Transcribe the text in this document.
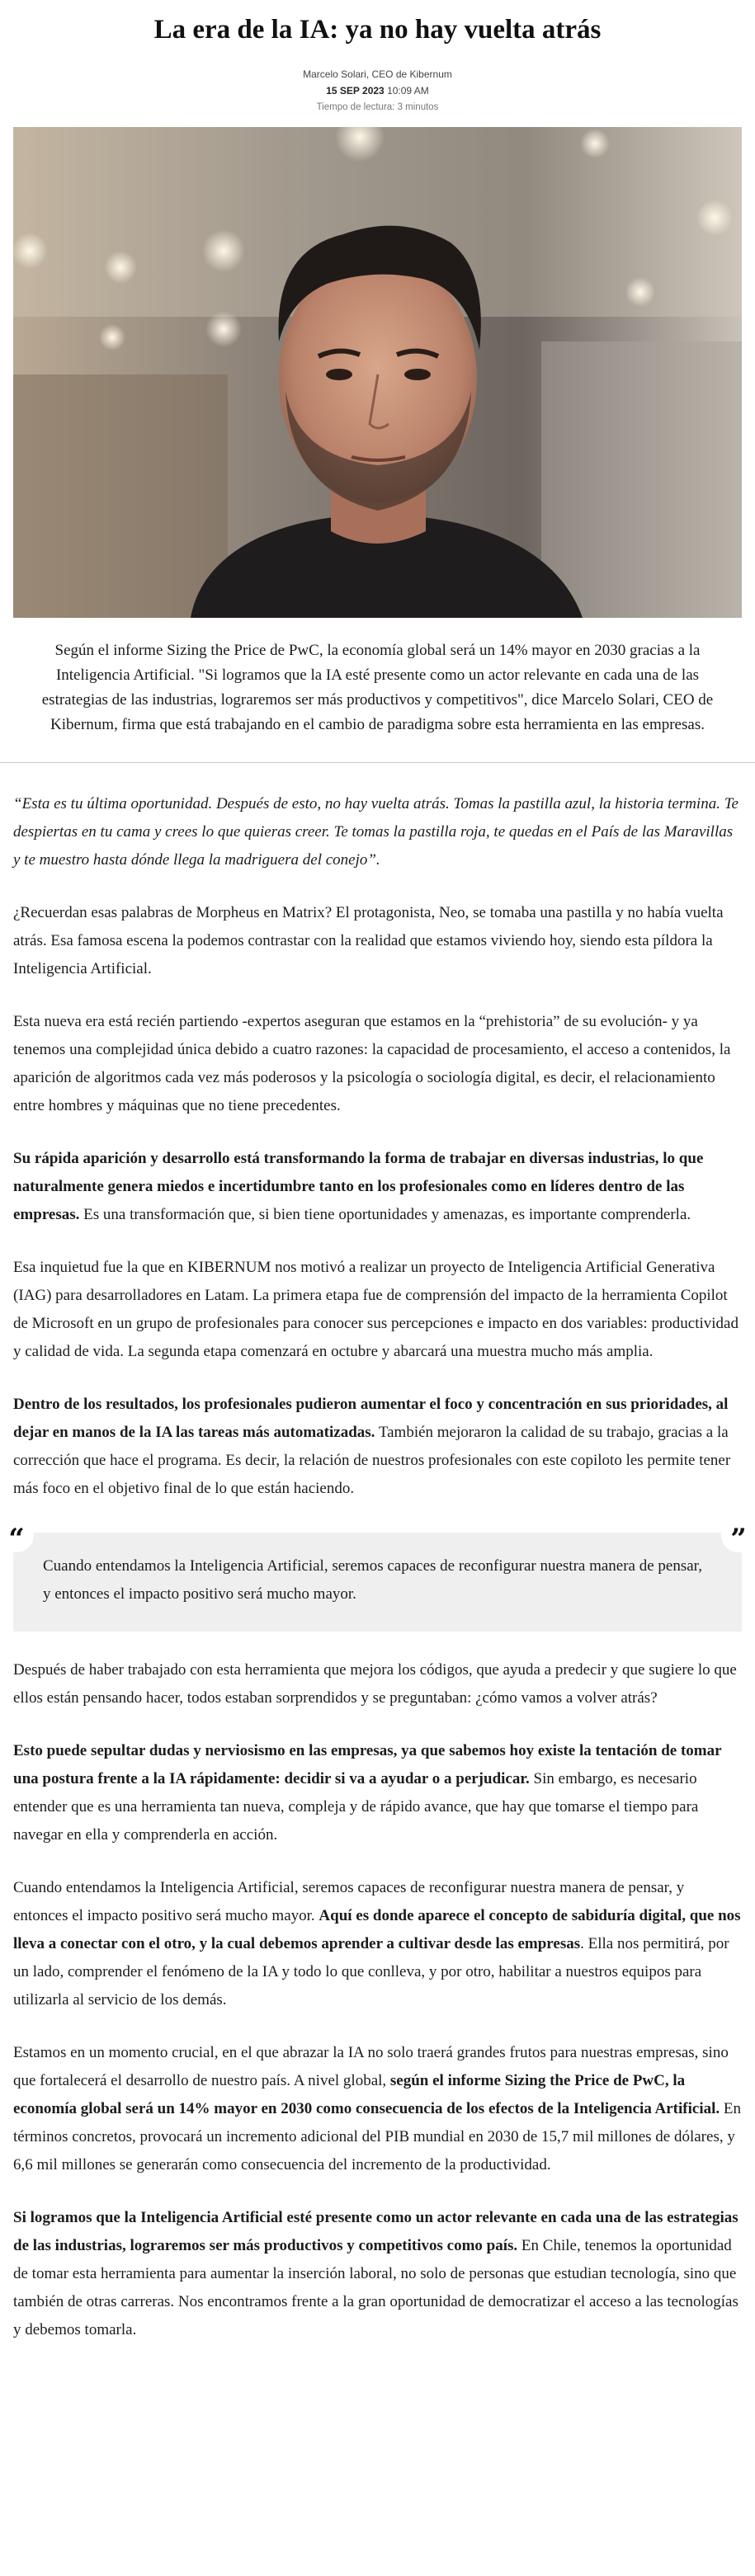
La era de la IA: ya no hay vuelta atrás
Marcelo Solari, CEO de Kibernum
15 SEP 2023 10:09 AM
Tiempo de lectura: 3 minutos

Según el informe Sizing the Price de PwC, la economía global será un 14% mayor en 2030 gracias a la Inteligencia Artificial. "Si logramos que la IA esté presente como un actor relevante en cada una de las estrategias de las industrias, lograremos ser más productivos y competitivos", dice Marcelo Solari, CEO de Kibernum, firma que está trabajando en el cambio de paradigma sobre esta herramienta en las empresas.

“Esta es tu última oportunidad. Después de esto, no hay vuelta atrás. Tomas la pastilla azul, la historia termina. Te despiertas en tu cama y crees lo que quieras creer. Te tomas la pastilla roja, te quedas en el País de las Maravillas y te muestro hasta dónde llega la madriguera del conejo”.

¿Recuerdan esas palabras de Morpheus en Matrix? El protagonista, Neo, se tomaba una pastilla y no había vuelta atrás. Esa famosa escena la podemos contrastar con la realidad que estamos viviendo hoy, siendo esta píldora la Inteligencia Artificial.

Esta nueva era está recién partiendo -expertos aseguran que estamos en la “prehistoria” de su evolución- y ya tenemos una complejidad única debido a cuatro razones: la capacidad de procesamiento, el acceso a contenidos, la aparición de algoritmos cada vez más poderosos y la psicología o sociología digital, es decir, el relacionamiento entre hombres y máquinas que no tiene precedentes.

Su rápida aparición y desarrollo está transformando la forma de trabajar en diversas industrias, lo que naturalmente genera miedos e incertidumbre tanto en los profesionales como en líderes dentro de las empresas. Es una transformación que, si bien tiene oportunidades y amenazas, es importante comprenderla.

Esa inquietud fue la que en KIBERNUM nos motivó a realizar un proyecto de Inteligencia Artificial Generativa (IAG) para desarrolladores en Latam. La primera etapa fue de comprensión del impacto de la herramienta Copilot de Microsoft en un grupo de profesionales para conocer sus percepciones e impacto en dos variables: productividad y calidad de vida. La segunda etapa comenzará en octubre y abarcará una muestra mucho más amplia.

Dentro de los resultados, los profesionales pudieron aumentar el foco y concentración en sus prioridades, al dejar en manos de la IA las tareas más automatizadas. También mejoraron la calidad de su trabajo, gracias a la corrección que hace el programa. Es decir, la relación de nuestros profesionales con este copiloto les permite tener más foco en el objetivo final de lo que están haciendo.

“	”
Cuando entendamos la Inteligencia Artificial, seremos capaces de reconfigurar nuestra manera de pensar, y entonces el impacto positivo será mucho mayor.

Después de haber trabajado con esta herramienta que mejora los códigos, que ayuda a predecir y que sugiere lo que ellos están pensando hacer, todos estaban sorprendidos y se preguntaban: ¿cómo vamos a volver atrás?

Esto puede sepultar dudas y nerviosismo en las empresas, ya que sabemos hoy existe la tentación de tomar una postura frente a la IA rápidamente: decidir si va a ayudar o a perjudicar. Sin embargo, es necesario entender que es una herramienta tan nueva, compleja y de rápido avance, que hay que tomarse el tiempo para navegar en ella y comprenderla en acción.

Cuando entendamos la Inteligencia Artificial, seremos capaces de reconfigurar nuestra manera de pensar, y entonces el impacto positivo será mucho mayor. Aquí es donde aparece el concepto de sabiduría digital, que nos lleva a conectar con el otro, y la cual debemos aprender a cultivar desde las empresas. Ella nos permitirá, por un lado, comprender el fenómeno de la IA y todo lo que conlleva, y por otro, habilitar a nuestros equipos para utilizarla al servicio de los demás.

Estamos en un momento crucial, en el que abrazar la IA no solo traerá grandes frutos para nuestras empresas, sino que fortalecerá el desarrollo de nuestro país. A nivel global, según el informe Sizing the Price de PwC, la economía global será un 14% mayor en 2030 como consecuencia de los efectos de la Inteligencia Artificial. En términos concretos, provocará un incremento adicional del PIB mundial en 2030 de 15,7 mil millones de dólares, y 6,6 mil millones se generarán como consecuencia del incremento de la productividad.

Si logramos que la Inteligencia Artificial esté presente como un actor relevante en cada una de las estrategias de las industrias, lograremos ser más productivos y competitivos como país. En Chile, tenemos la oportunidad de tomar esta herramienta para aumentar la inserción laboral, no solo de personas que estudian tecnología, sino que también de otras carreras. Nos encontramos frente a la gran oportunidad de democratizar el acceso a las tecnologías y debemos tomarla.
